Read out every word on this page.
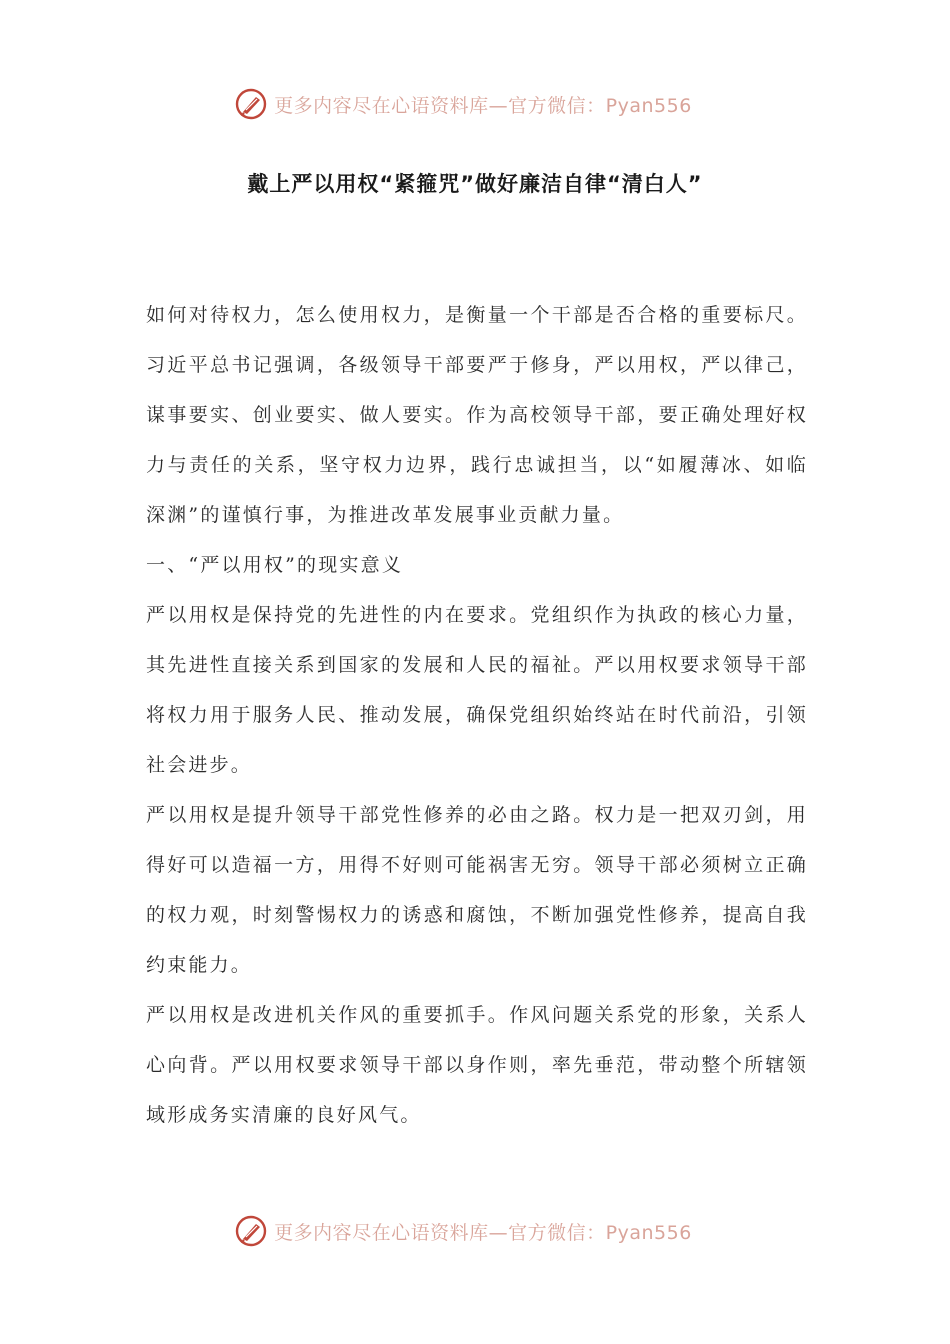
更多内容尽在心语资料库—官方微信：Pyan556
戴上严以用权“紧箍咒”做好廉洁自律“清白人”

如何对待权力，怎么使用权力，是衡量一个干部是否合格的重要标尺。习近平总书记强调，各级领导干部要严于修身，严以用权，严以律己，谋事要实、创业要实、做人要实。作为高校领导干部，要正确处理好权力与责任的关系，坚守权力边界，践行忠诚担当，以“如履薄冰、如临深渊”的谨慎行事，为推进改革发展事业贡献力量。

一、“严以用权”的现实意义

严以用权是保持党的先进性的内在要求。党组织作为执政的核心力量，其先进性直接关系到国家的发展和人民的福祉。严以用权要求领导干部将权力用于服务人民、推动发展，确保党组织始终站在时代前沿，引领社会进步。

严以用权是提升领导干部党性修养的必由之路。权力是一把双刃剑，用得好可以造福一方，用得不好则可能祸害无穷。领导干部必须树立正确的权力观，时刻警惕权力的诱惑和腐蚀，不断加强党性修养，提高自我约束能力。

严以用权是改进机关作风的重要抓手。作风问题关系党的形象，关系人心向背。严以用权要求领导干部以身作则，率先垂范，带动整个所辖领域形成务实清廉的良好风气。

更多内容尽在心语资料库—官方微信：Pyan556
